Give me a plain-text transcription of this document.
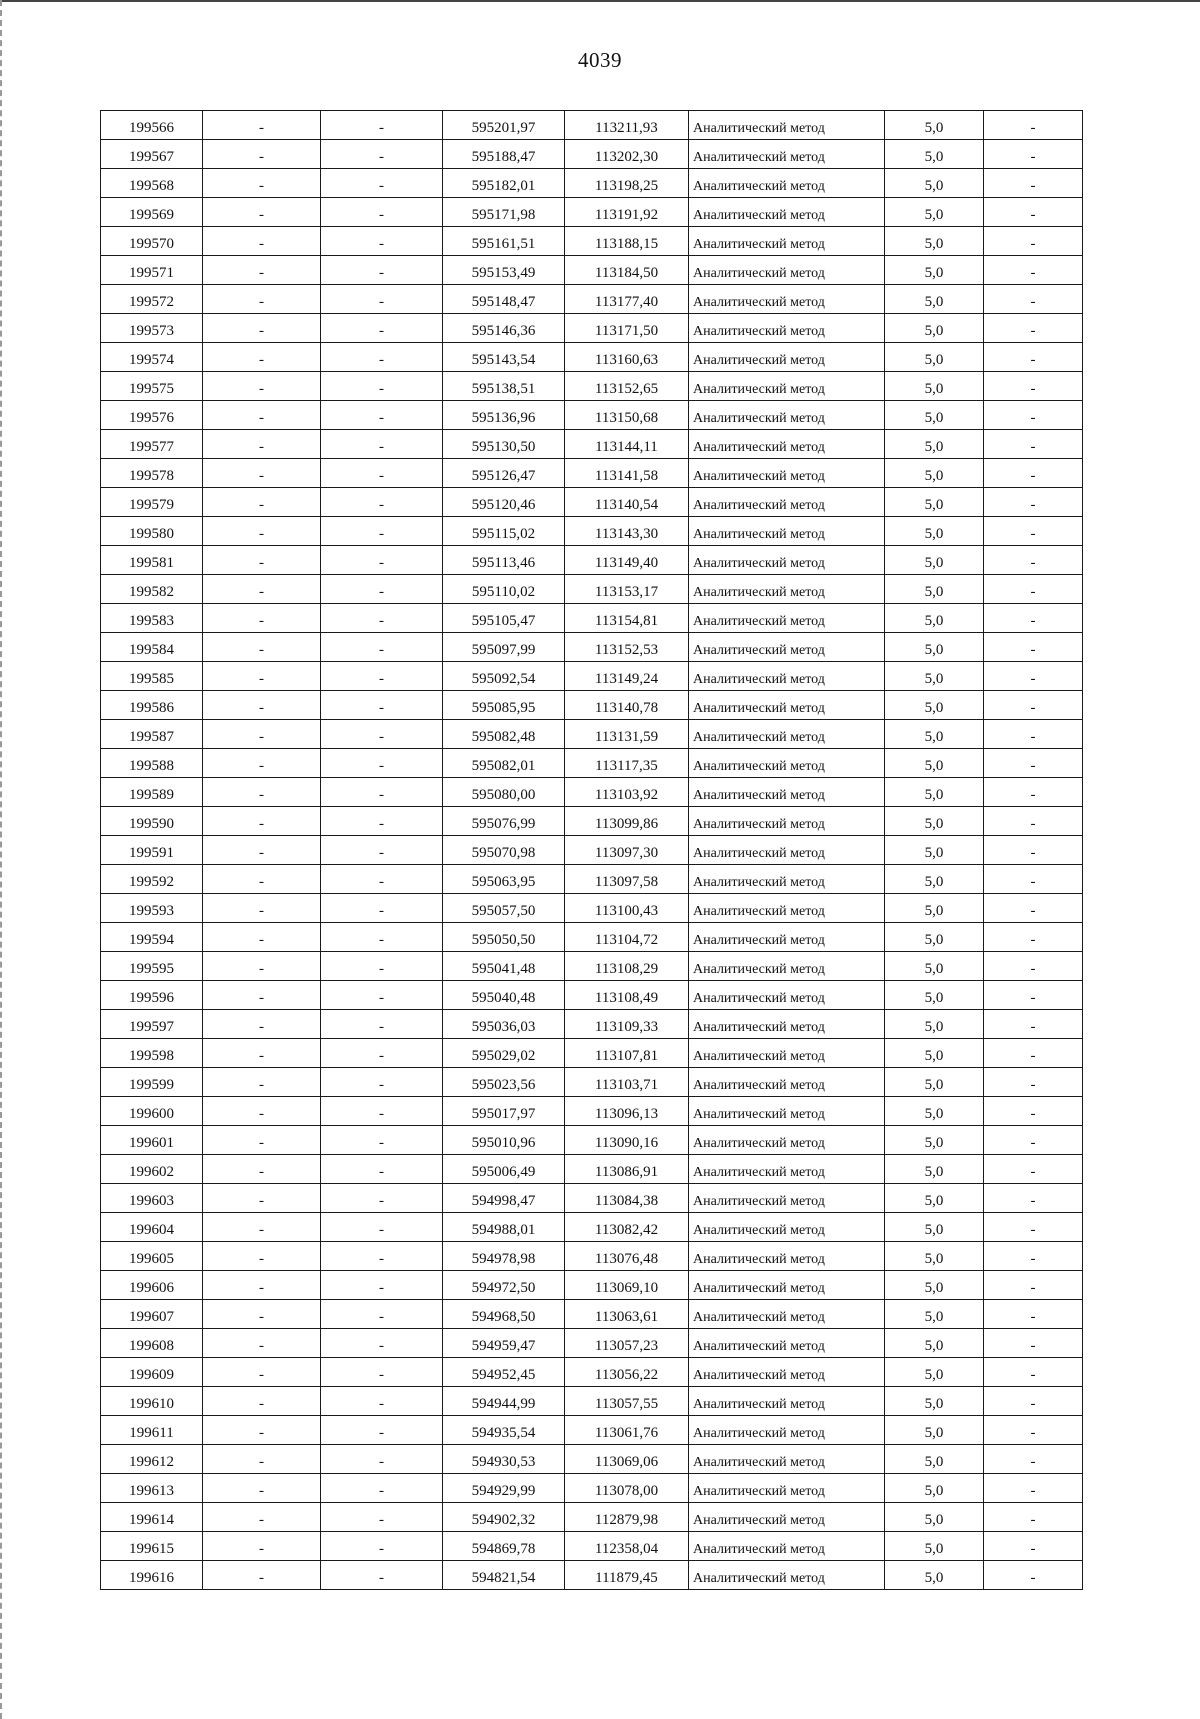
4039
199566	-	-	595201,97	113211,93	Аналитический метод	5,0	-
199567	-	-	595188,47	113202,30	Аналитический метод	5,0	-
199568	-	-	595182,01	113198,25	Аналитический метод	5,0	-
199569	-	-	595171,98	113191,92	Аналитический метод	5,0	-
199570	-	-	595161,51	113188,15	Аналитический метод	5,0	-
199571	-	-	595153,49	113184,50	Аналитический метод	5,0	-
199572	-	-	595148,47	113177,40	Аналитический метод	5,0	-
199573	-	-	595146,36	113171,50	Аналитический метод	5,0	-
199574	-	-	595143,54	113160,63	Аналитический метод	5,0	-
199575	-	-	595138,51	113152,65	Аналитический метод	5,0	-
199576	-	-	595136,96	113150,68	Аналитический метод	5,0	-
199577	-	-	595130,50	113144,11	Аналитический метод	5,0	-
199578	-	-	595126,47	113141,58	Аналитический метод	5,0	-
199579	-	-	595120,46	113140,54	Аналитический метод	5,0	-
199580	-	-	595115,02	113143,30	Аналитический метод	5,0	-
199581	-	-	595113,46	113149,40	Аналитический метод	5,0	-
199582	-	-	595110,02	113153,17	Аналитический метод	5,0	-
199583	-	-	595105,47	113154,81	Аналитический метод	5,0	-
199584	-	-	595097,99	113152,53	Аналитический метод	5,0	-
199585	-	-	595092,54	113149,24	Аналитический метод	5,0	-
199586	-	-	595085,95	113140,78	Аналитический метод	5,0	-
199587	-	-	595082,48	113131,59	Аналитический метод	5,0	-
199588	-	-	595082,01	113117,35	Аналитический метод	5,0	-
199589	-	-	595080,00	113103,92	Аналитический метод	5,0	-
199590	-	-	595076,99	113099,86	Аналитический метод	5,0	-
199591	-	-	595070,98	113097,30	Аналитический метод	5,0	-
199592	-	-	595063,95	113097,58	Аналитический метод	5,0	-
199593	-	-	595057,50	113100,43	Аналитический метод	5,0	-
199594	-	-	595050,50	113104,72	Аналитический метод	5,0	-
199595	-	-	595041,48	113108,29	Аналитический метод	5,0	-
199596	-	-	595040,48	113108,49	Аналитический метод	5,0	-
199597	-	-	595036,03	113109,33	Аналитический метод	5,0	-
199598	-	-	595029,02	113107,81	Аналитический метод	5,0	-
199599	-	-	595023,56	113103,71	Аналитический метод	5,0	-
199600	-	-	595017,97	113096,13	Аналитический метод	5,0	-
199601	-	-	595010,96	113090,16	Аналитический метод	5,0	-
199602	-	-	595006,49	113086,91	Аналитический метод	5,0	-
199603	-	-	594998,47	113084,38	Аналитический метод	5,0	-
199604	-	-	594988,01	113082,42	Аналитический метод	5,0	-
199605	-	-	594978,98	113076,48	Аналитический метод	5,0	-
199606	-	-	594972,50	113069,10	Аналитический метод	5,0	-
199607	-	-	594968,50	113063,61	Аналитический метод	5,0	-
199608	-	-	594959,47	113057,23	Аналитический метод	5,0	-
199609	-	-	594952,45	113056,22	Аналитический метод	5,0	-
199610	-	-	594944,99	113057,55	Аналитический метод	5,0	-
199611	-	-	594935,54	113061,76	Аналитический метод	5,0	-
199612	-	-	594930,53	113069,06	Аналитический метод	5,0	-
199613	-	-	594929,99	113078,00	Аналитический метод	5,0	-
199614	-	-	594902,32	112879,98	Аналитический метод	5,0	-
199615	-	-	594869,78	112358,04	Аналитический метод	5,0	-
199616	-	-	594821,54	111879,45	Аналитический метод	5,0	-
